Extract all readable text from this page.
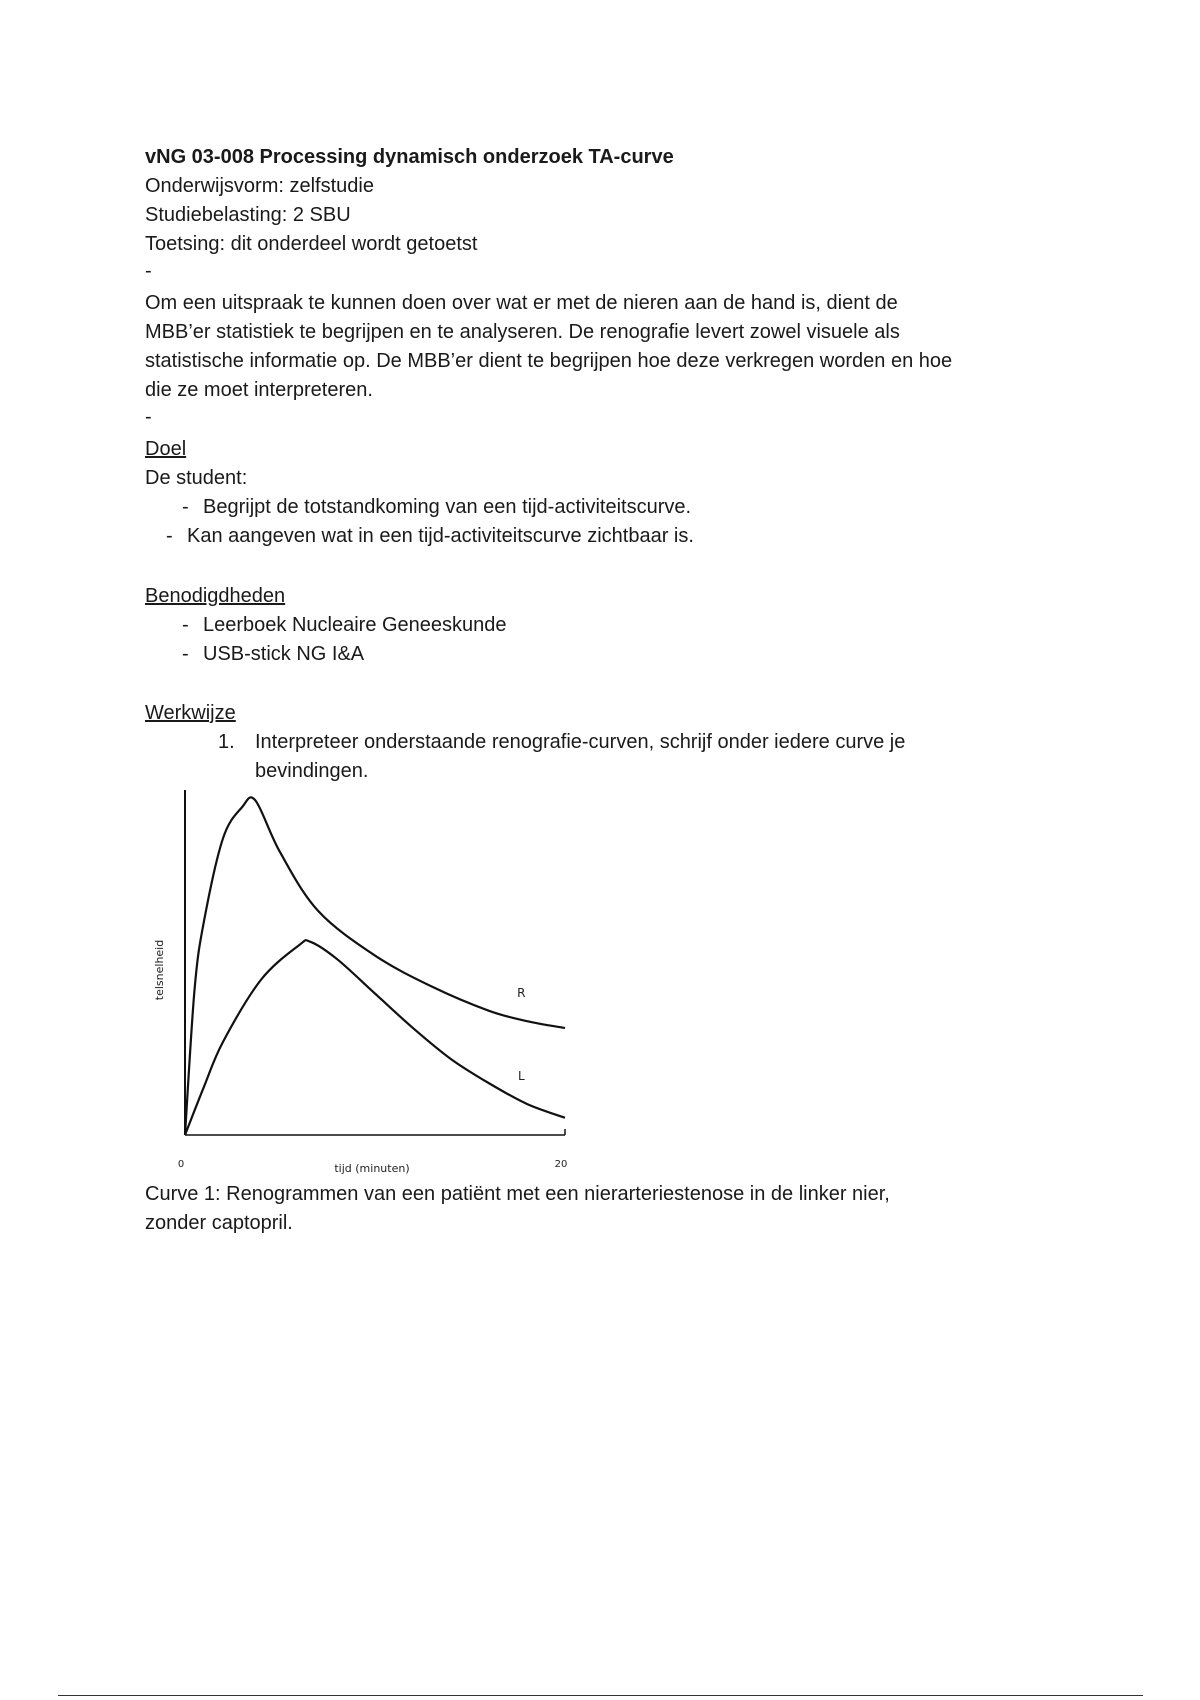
vNG 03-008 Processing dynamisch onderzoek TA-curve
Onderwijsvorm: zelfstudie
Studiebelasting: 2 SBU
Toetsing: dit onderdeel wordt getoetst
-
Om een uitspraak te kunnen doen over wat er met de nieren aan de hand is, dient de
MBB’er statistiek te begrijpen en te analyseren. De renografie levert zowel visuele als
statistische informatie op. De MBB’er dient te begrijpen hoe deze verkregen worden en hoe
die ze moet interpreteren.
-
Doel
De student:
- Begrijpt de totstandkoming van een tijd-activiteitscurve.
- Kan aangeven wat in een tijd-activiteitscurve zichtbaar is.
Benodigdheden
- Leerboek Nucleaire Geneeskunde
- USB-stick NG I&A
Werkwijze
1. Interpreteer onderstaande renografie-curven, schrijf onder iedere curve je
bevindingen.
telsnelheid
tijd (minuten)
0	20
R
L
Curve 1: Renogrammen van een patiënt met een nierarteriestenose in de linker nier,
zonder captopril.
